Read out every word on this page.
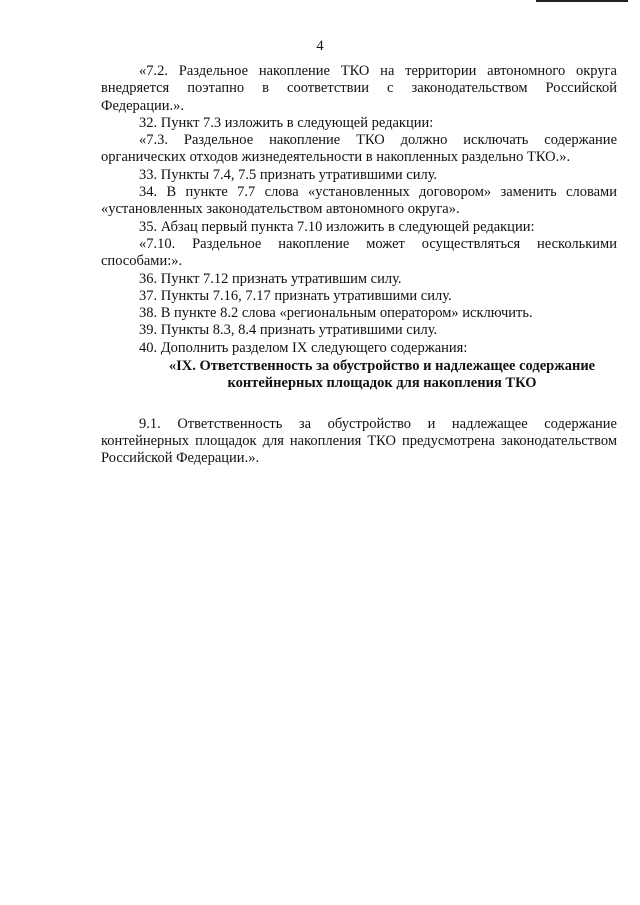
4

«7.2. Раздельное накопление ТКО на территории автономного округа внедряется поэтапно в соответствии с законодательством Российской Федерации.».

32. Пункт 7.3 изложить в следующей редакции:

«7.3. Раздельное накопление ТКО должно исключать содержание органических отходов жизнедеятельности в накопленных раздельно ТКО.».

33. Пункты 7.4, 7.5 признать утратившими силу.

34. В пункте 7.7 слова «установленных договором» заменить словами «установленных законодательством автономного округа».

35. Абзац первый пункта 7.10 изложить в следующей редакции:

«7.10. Раздельное накопление может осуществляться несколькими способами:».

36. Пункт 7.12 признать утратившим силу.

37. Пункты 7.16, 7.17 признать утратившими силу.

38. В пункте 8.2 слова «региональным оператором» исключить.

39. Пункты 8.3, 8.4 признать утратившими силу.

40. Дополнить разделом IX следующего содержания:

«IX. Ответственность за обустройство и надлежащее содержание
контейнерных площадок для накопления ТКО

9.1. Ответственность за обустройство и надлежащее содержание контейнерных площадок для накопления ТКО предусмотрена законодательством Российской Федерации.».
